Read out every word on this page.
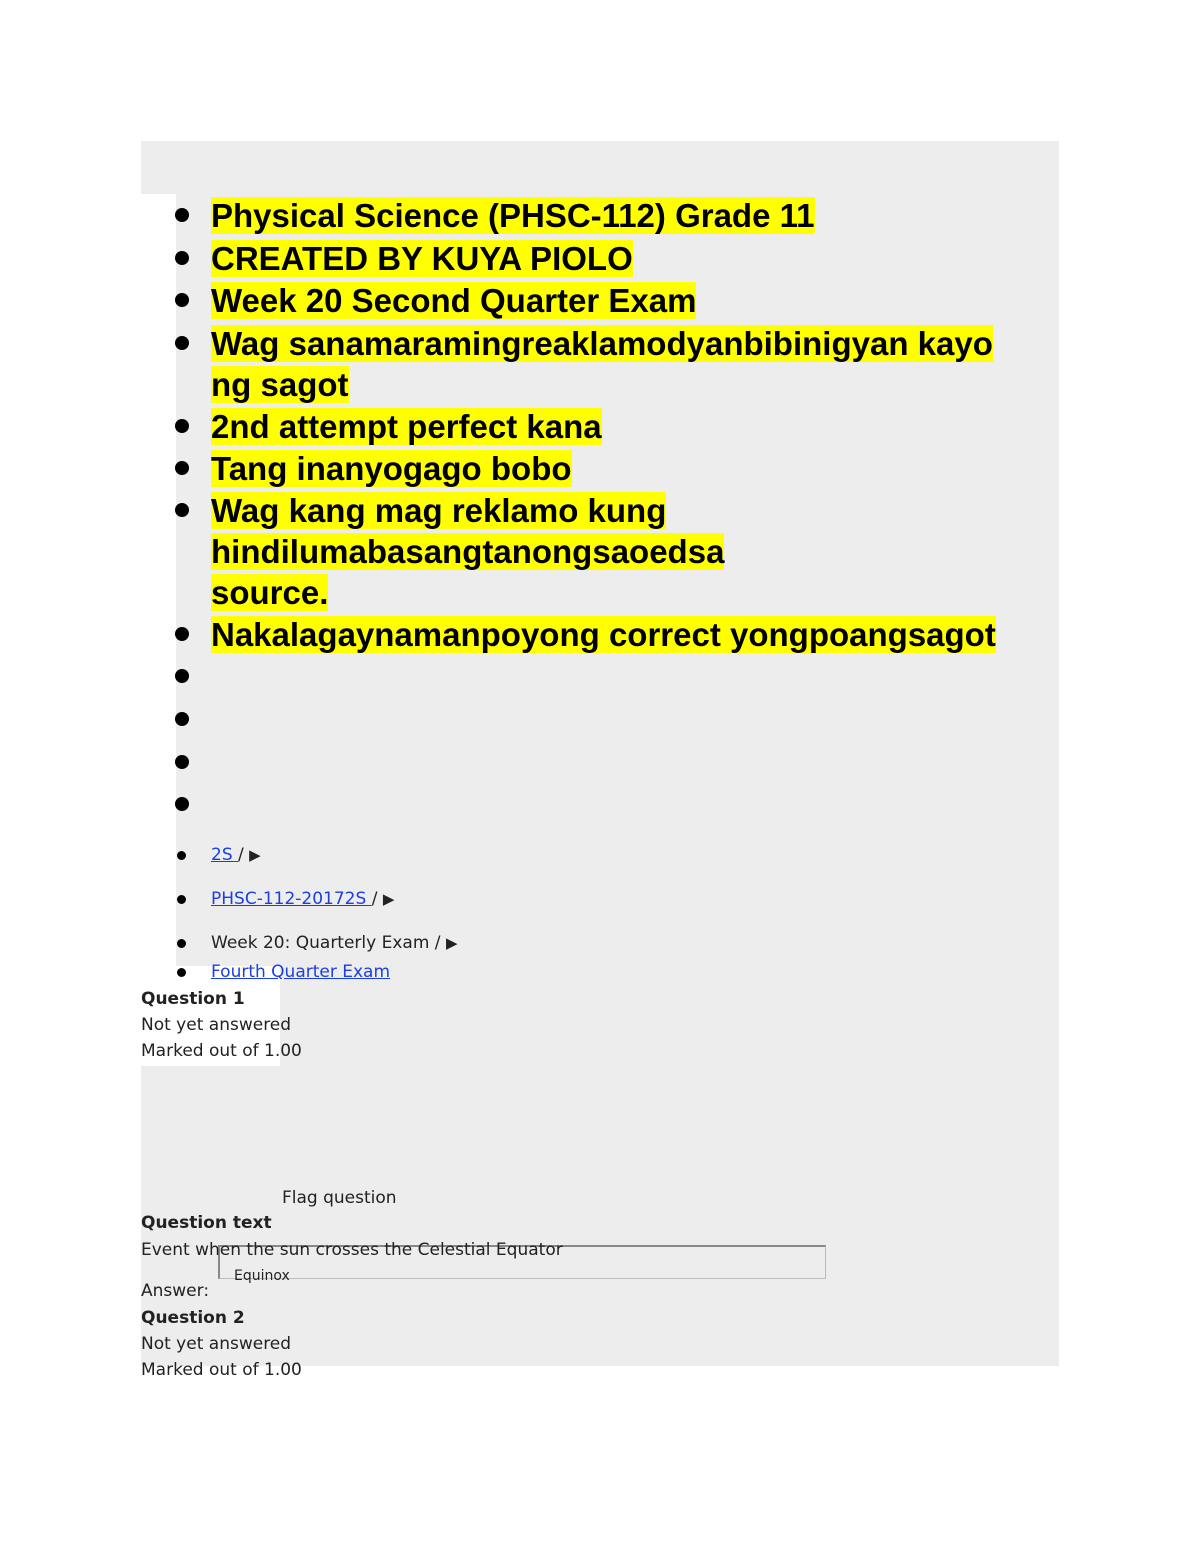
Physical Science (PHSC-112) Grade 11
CREATED BY KUYA PIOLO
Week 20 Second Quarter Exam
Wag sanamaramingreaklamodyanbibinigyan kayo
ng sagot
2nd attempt perfect kana
Tang inanyogago bobo
Wag kang mag reklamo kung
hindilumabasangtanongsaoedsa
source.
Nakalagaynamanpoyong correct yongpoangsagot
2S / ▶
PHSC-112-20172S / ▶
Week 20: Quarterly Exam / ▶
Fourth Quarter Exam
Question 1
Not yet answered
Marked out of 1.00
Flag question
Question text
Equinox
Event when the sun crosses the Celestial Equator
Answer:
Question 2
Not yet answered
Marked out of 1.00
